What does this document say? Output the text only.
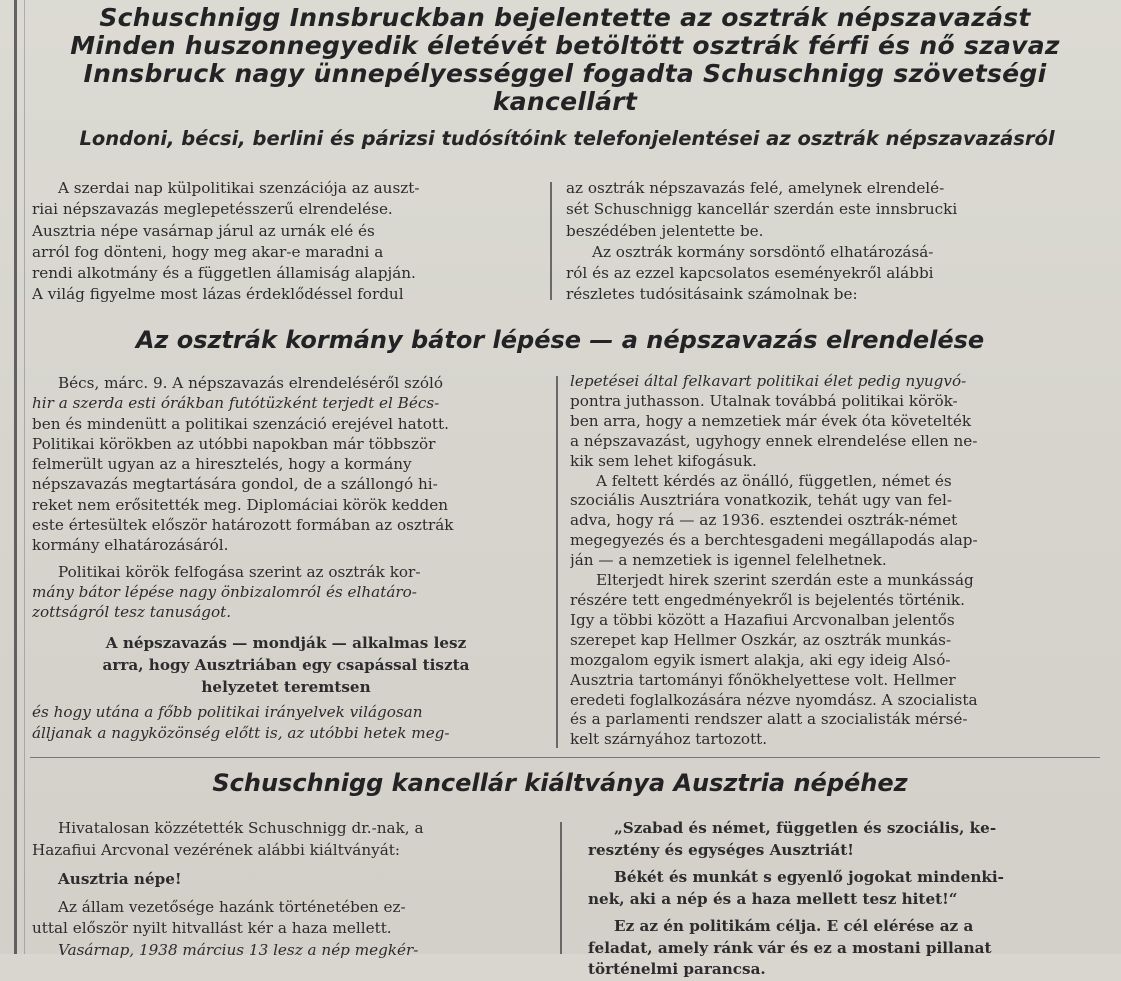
Schuschnigg Innsbruckban bejelentette az osztrák népszavazást
Minden huszonnegyedik életévét betöltött osztrák férfi és nő szavaz
Innsbruck nagy ünnepélyességgel fogadta Schuschnigg szövetségi
kancellárt
Londoni, bécsi, berlini és párizsi tudósítóink telefonjelentései az osztrák népszavazásról

A szerdai nap külpolitikai szenzációja az auszt-

riai népszavazás meglepetésszerű elrendelése.

Ausztria népe vasárnap járul az urnák elé és

arról fog dönteni, hogy meg akar-e maradni a

rendi alkotmány és a független államiság alapján.

A világ figyelme most lázas érdeklődéssel fordul

az osztrák népszavazás felé, amelynek elrendelé-

sét Schuschnigg kancellár szerdán este innsbrucki

beszédében jelentette be.

Az osztrák kormány sorsdöntő elhatározásá-

ról és az ezzel kapcsolatos eseményekről alábbi

részletes tudósitásaink számolnak be:

Az osztrák kormány bátor lépése — a népszavazás elrendelése

Bécs, márc. 9. A népszavazás elrendeléséről szóló

hir a szerda esti órákban futótüzként terjedt el Bécs-

ben és mindenütt a politikai szenzáció erejével hatott.

Politikai körökben az utóbbi napokban már többször

felmerült ugyan az a hiresztelés, hogy a kormány

népszavazás megtartására gondol, de a szállongó hi-

reket nem erősitették meg. Diplomáciai körök kedden

este értesültek először határozott formában az osztrák

kormány elhatározásáról.

Politikai körök felfogása szerint az osztrák kor-

mány bátor lépése nagy önbizalomról és elhatáro-

zottságról tesz tanuságot.

A népszavazás — mondják — alkalmas lesz

arra, hogy Ausztriában egy csapással tiszta

helyzetet teremtsen

és hogy utána a főbb politikai irányelvek világosan

álljanak a nagyközönség előtt is, az utóbbi hetek meg-

lepetései által felkavart politikai élet pedig nyugvó-

pontra juthasson. Utalnak továbbá politikai körök-

ben arra, hogy a nemzetiek már évek óta követelték

a népszavazást, ugyhogy ennek elrendelése ellen ne-

kik sem lehet kifogásuk.

A feltett kérdés az önálló, független, német és

szociális Ausztriára vonatkozik, tehát ugy van fel-

adva, hogy rá — az 1936. esztendei osztrák-német

megegyezés és a berchtesgadeni megállapodás alap-

ján — a nemzetiek is igennel felelhetnek.

Elterjedt hirek szerint szerdán este a munkásság

részére tett engedményekről is bejelentés történik.

Igy a többi között a Hazafiui Arcvonalban jelentős

szerepet kap Hellmer Oszkár, az osztrák munkás-

mozgalom egyik ismert alakja, aki egy ideig Alsó-

Ausztria tartományi főnökhelyettese volt. Hellmer

eredeti foglalkozására nézve nyomdász. A szocialista

és a parlamenti rendszer alatt a szocialisták mérsé-

kelt szárnyához tartozott.

Schuschnigg kancellár kiáltványa Ausztria népéhez

Hivatalosan közzétették Schuschnigg dr.-nak, a

Hazafiui Arcvonal vezérének alábbi kiáltványát:

Ausztria népe!

Az állam vezetősége hazánk történetében ez-

uttal először nyilt hitvallást kér a haza mellett.

Vasárnap, 1938 március 13 lesz a nép megkér-

„Szabad és német, független és szociális, ke-

resztény és egységes Ausztriát!

Békét és munkát s egyenlő jogokat mindenki-

nek, aki a nép és a haza mellett tesz hitet!“

Ez az én politikám célja. E cél elérése az a

feladat, amely ránk vár és ez a mostani pillanat

történelmi parancsa.
